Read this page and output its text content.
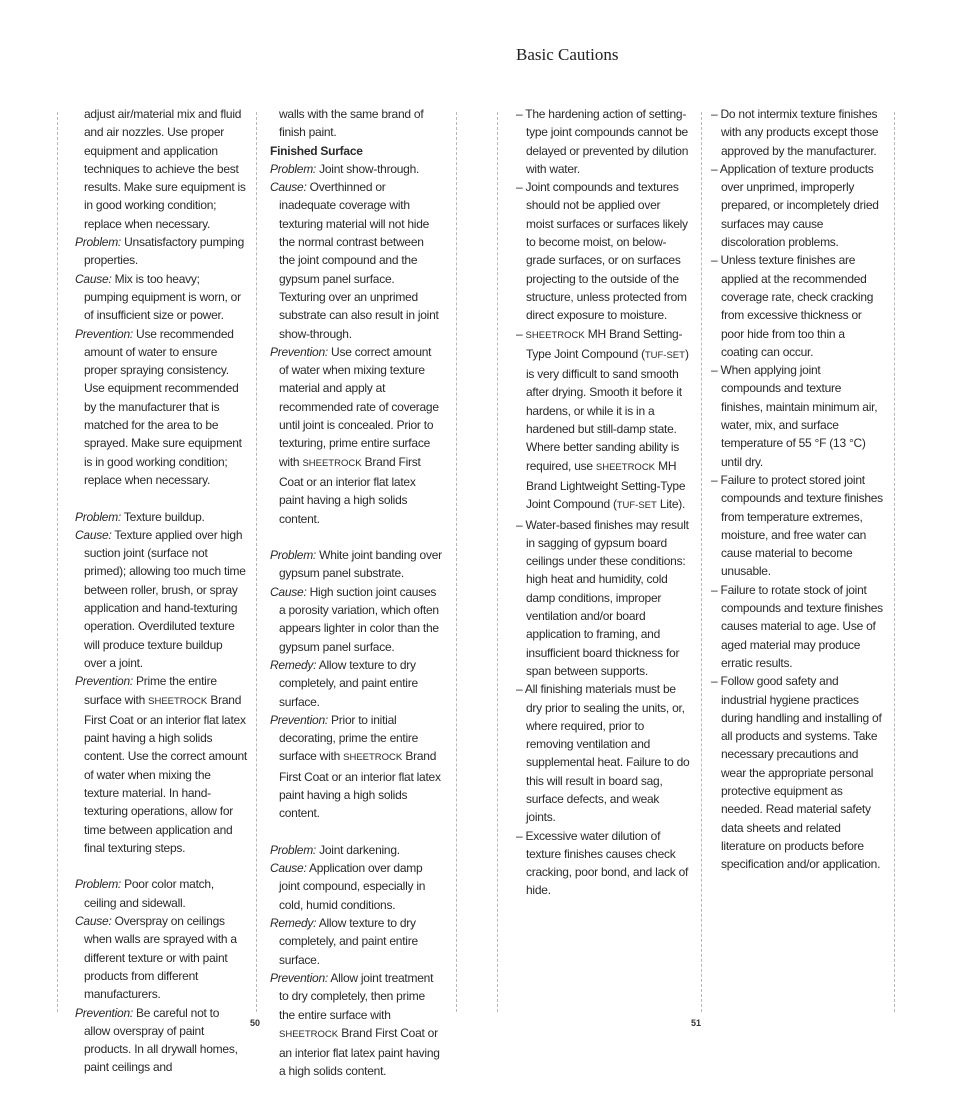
Basic Cautions

adjust air/material mix and fluid and air nozzles. Use proper equipment and application techniques to achieve the best results. Make sure equipment is in good working condition; replace when necessary.

Problem: Unsatisfactory pumping properties.

Cause: Mix is too heavy; pumping equipment is worn, or of insufficient size or power.

Prevention: Use recommended amount of water to ensure proper spraying consistency. Use equipment recommended by the manufacturer that is matched for the area to be sprayed. Make sure equipment is in good working condition; replace when necessary.

Problem: Texture buildup.

Cause: Texture applied over high suction joint (surface not primed); allowing too much time between roller, brush, or spray application and hand-texturing operation. Overdiluted texture will produce texture buildup over a joint.

Prevention: Prime the entire surface with SHEETROCK Brand First Coat or an interior flat latex paint having a high solids content. Use the correct amount of water when mixing the texture material. In hand-texturing operations, allow for time between application and final texturing steps.

Problem: Poor color match, ceiling and sidewall.

Cause: Overspray on ceilings when walls are sprayed with a different texture or with paint products from different manufacturers.

Prevention: Be careful not to allow overspray of paint products. In all drywall homes, paint ceilings and

walls with the same brand of finish paint.

Finished Surface

Problem: Joint show-through.

Cause: Overthinned or inadequate coverage with texturing material will not hide the normal contrast between the joint compound and the gypsum panel surface. Texturing over an unprimed substrate can also result in joint show-through.

Prevention: Use correct amount of water when mixing texture material and apply at recommended rate of coverage until joint is concealed. Prior to texturing, prime entire surface with SHEETROCK Brand First Coat or an interior flat latex paint having a high solids content.

Problem: White joint banding over gypsum panel substrate.

Cause: High suction joint causes a porosity variation, which often appears lighter in color than the gypsum panel surface.

Remedy: Allow texture to dry completely, and paint entire surface.

Prevention: Prior to initial decorating, prime the entire surface with SHEETROCK Brand First Coat or an interior flat latex paint having a high solids content.

Problem: Joint darkening.

Cause: Application over damp joint compound, especially in cold, humid conditions.

Remedy: Allow texture to dry completely, and paint entire surface.

Prevention: Allow joint treatment to dry completely, then prime the entire surface with SHEETROCK Brand First Coat or an interior flat latex paint having a high solids content.

– The hardening action of setting-type joint compounds cannot be delayed or prevented by dilution with water.

– Joint compounds and textures should not be applied over moist surfaces or surfaces likely to become moist, on below-grade surfaces, or on surfaces projecting to the outside of the structure, unless protected from direct exposure to moisture.

– SHEETROCK MH Brand Setting-Type Joint Compound (TUF-SET) is very difficult to sand smooth after drying. Smooth it before it hardens, or while it is in a hardened but still-damp state. Where better sanding ability is required, use SHEETROCK MH Brand Lightweight Setting-Type Joint Compound (TUF-SET Lite).

– Water-based finishes may result in sagging of gypsum board ceilings under these conditions: high heat and humidity, cold damp conditions, improper ventilation and/or board application to framing, and insufficient board thickness for span between supports.

– All finishing materials must be dry prior to sealing the units, or, where required, prior to removing ventilation and supplemental heat. Failure to do this will result in board sag, surface defects, and weak joints.

– Excessive water dilution of texture finishes causes check cracking, poor bond, and lack of hide.

– Do not intermix texture finishes with any products except those approved by the manufacturer.

– Application of texture products over unprimed, improperly prepared, or incompletely dried surfaces may cause discoloration problems.

– Unless texture finishes are applied at the recommended coverage rate, check cracking from excessive thickness or poor hide from too thin a coating can occur.

– When applying joint compounds and texture finishes, maintain minimum air, water, mix, and surface temperature of 55 °F (13 °C) until dry.

– Failure to protect stored joint compounds and texture finishes from temperature extremes, moisture, and free water can cause material to become unusable.

– Failure to rotate stock of joint compounds and texture finishes causes material to age. Use of aged material may produce erratic results.

– Follow good safety and industrial hygiene practices during handling and installing of all products and systems. Take necessary precautions and wear the appropriate personal protective equipment as needed. Read material safety data sheets and related literature on products before specification and/or application.

50	51
